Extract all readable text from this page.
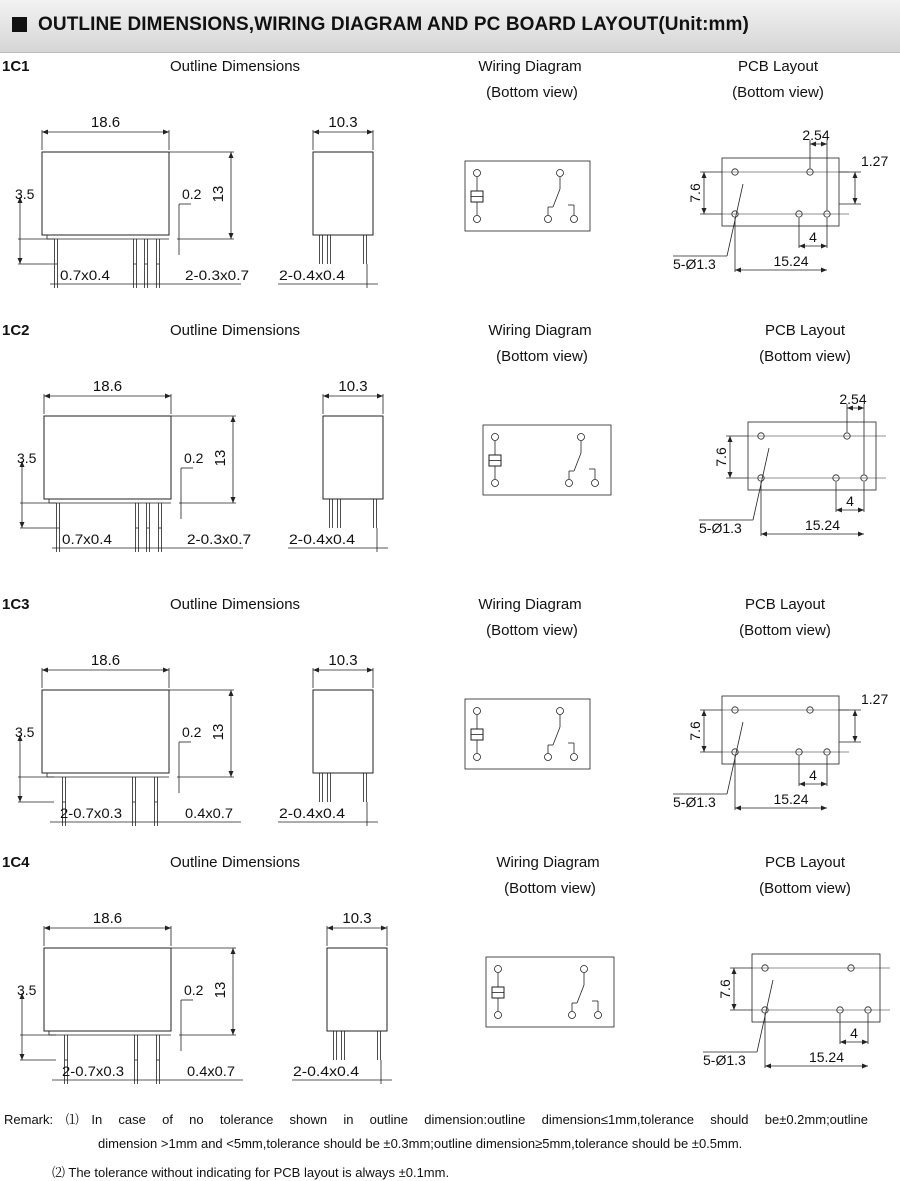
OUTLINE DIMENSIONS,WIRING DIAGRAM AND PC BOARD LAYOUT(Unit:mm)
1C1	Outline Dimensions	Wiring Diagram
(Bottom view)
PCB Layout
(Bottom view)
18.6
13
3.5	0.2
0.7x0.4	2-0.3x0.7
10.3
2-0.4x0.4
7.6
2.54
1.27
4
15.24
5-Ø1.3
1C2	Outline Dimensions	Wiring Diagram
(Bottom view)
PCB Layout
(Bottom view)
18.6
13
3.5	0.2
0.7x0.4	2-0.3x0.7
10.3
2-0.4x0.4
7.6
2.54
4
15.24
5-Ø1.3
1C3	Outline Dimensions	Wiring Diagram
(Bottom view)
PCB Layout
(Bottom view)
18.6
13
3.5	0.2
2-0.7x0.3	0.4x0.7
10.3
2-0.4x0.4
7.6
1.27
4
15.24
5-Ø1.3
1C4	Outline Dimensions	Wiring Diagram
(Bottom view)
PCB Layout
(Bottom view)
18.6
13
3.5	0.2
2-0.7x0.3	0.4x0.7
10.3
2-0.4x0.4
7.6
4
15.24
5-Ø1.3
Remark:⑴In case of no tolerance shown in outline dimension:outline dimension≤1mm,tolerance should be±0.2mm;outline
dimension >1mm and <5mm,tolerance should be ±0.3mm;outline dimension≥5mm,tolerance should be ±0.5mm.
⑵ The tolerance without indicating for PCB layout is always ±0.1mm.
